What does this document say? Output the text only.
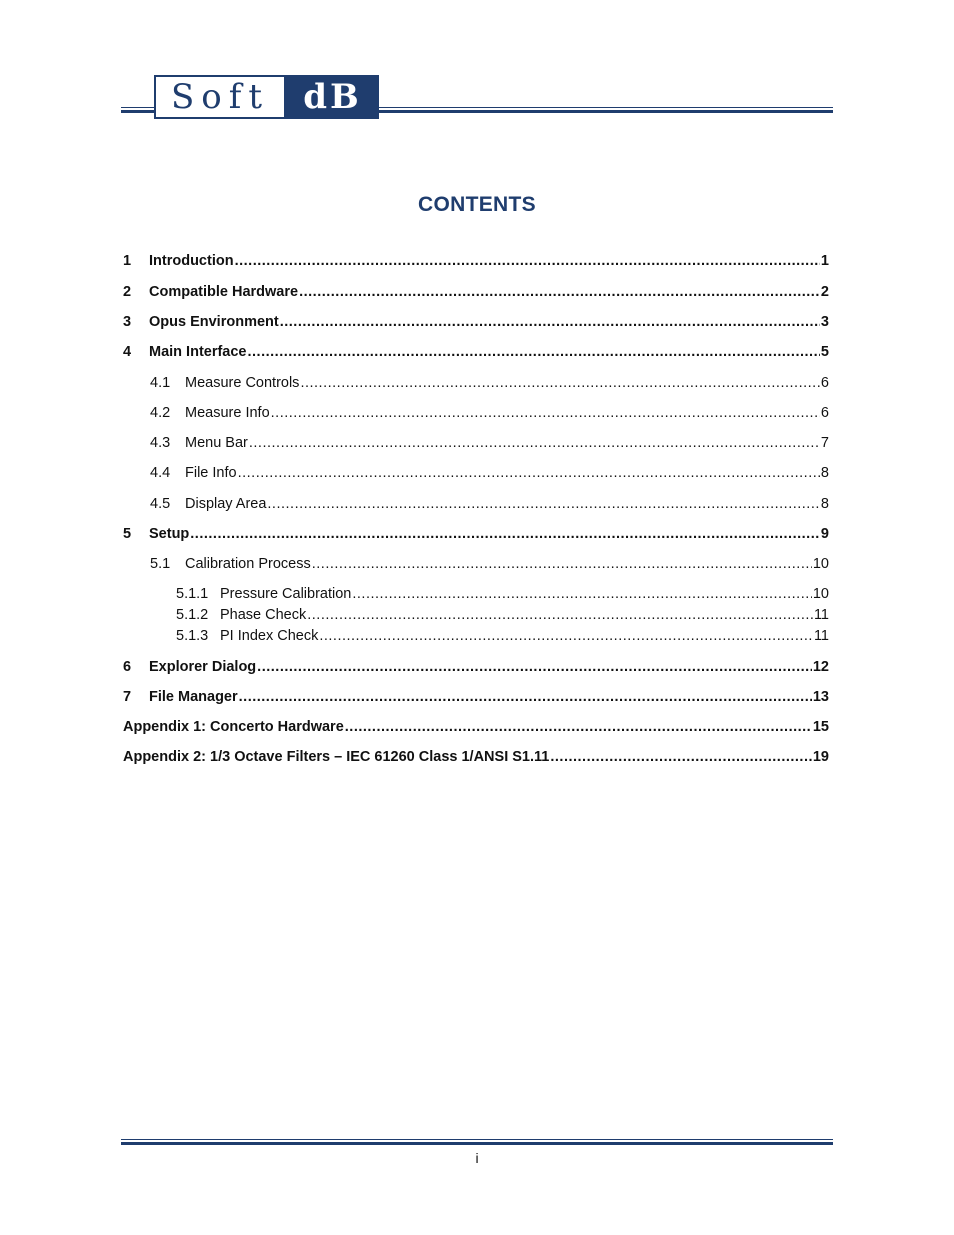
Soft	dB
CONTENTS
1	Introduction .....	1
2	Compatible Hardware .....	2
3	Opus Environment .....	3
4	Main Interface .....	5
4.1	Measure Controls .....	6
4.2	Measure Info .....	6
4.3	Menu Bar .....	7
4.4	File Info .....	8
4.5	Display Area .....	8
5	Setup .....	9
5.1	Calibration Process .....	10
5.1.1 Pressure Calibration .....	10
5.1.2 Phase Check .....	11
5.1.3 PI Index Check .....	11
6	Explorer Dialog .....	12
7	File Manager .....	13
Appendix 1: Concerto Hardware .....	15
Appendix 2: 1/3 Octave Filters – IEC 61260 Class 1/ANSI S1.11 .....	19
i
